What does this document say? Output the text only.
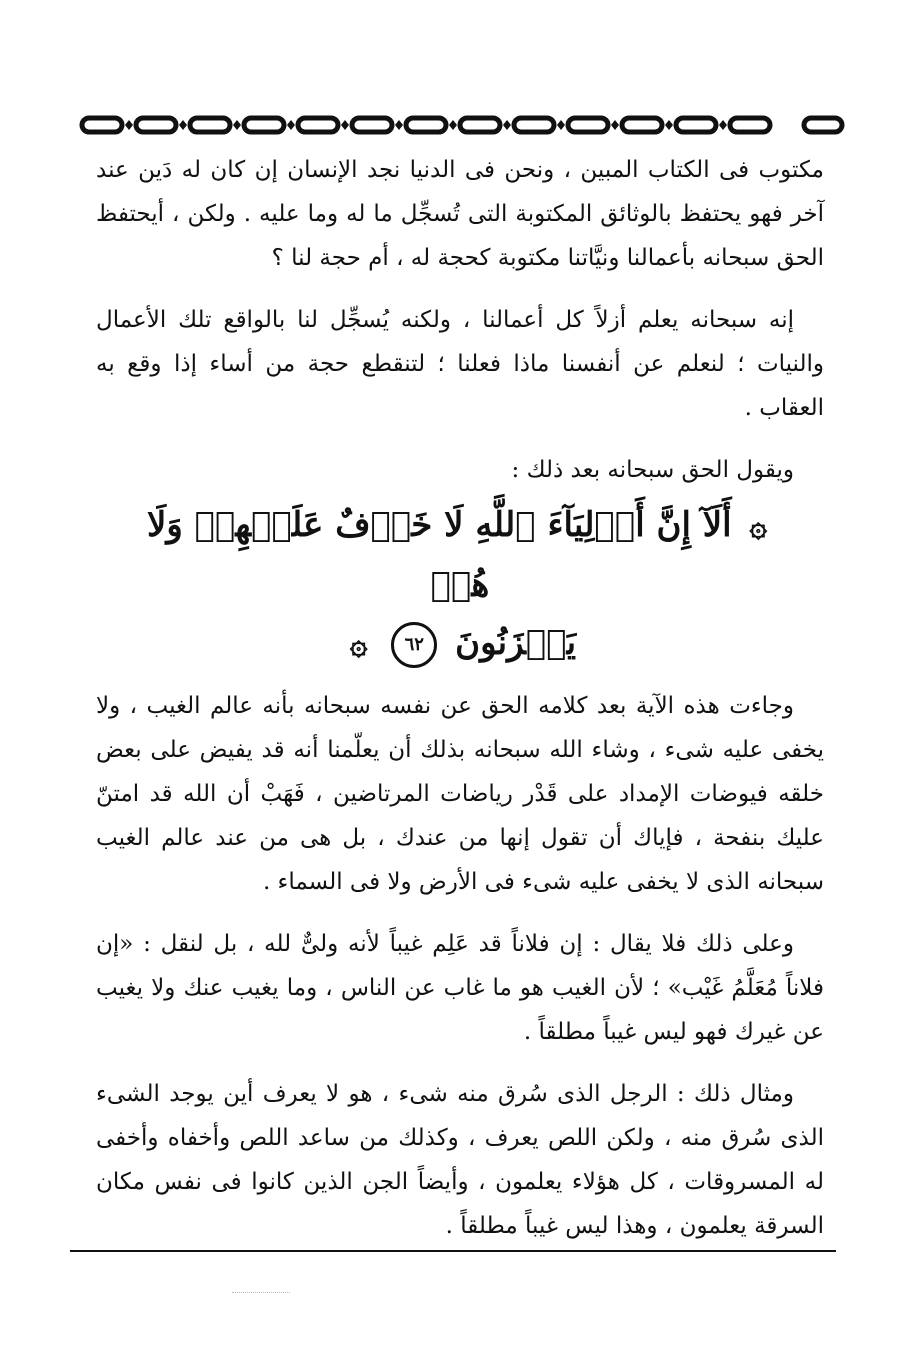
مكتوب فى الكتاب المبين ، ونحن فى الدنيا نجد الإنسان إن كان له دَين عند آخر فهو يحتفظ بالوثائق المكتوبة التى تُسجِّل ما له وما عليه . ولكن ، أيحتفظ الحق سبحانه بأعمالنا ونيَّاتنا مكتوبة كحجة له ، أم حجة لنا ؟

إنه سبحانه يعلم أزلاً كل أعمالنا ، ولكنه يُسجِّل لنا بالواقع تلك الأعمال والنيات ؛ لنعلم عن أنفسنا ماذا فعلنا ؛ لتنقطع حجة من أساء إذا وقع به العقاب .

ويقول الحق سبحانه بعد ذلك :

۞ أَلَآ إِنَّ أَوۡلِيَآءَ ٱللَّهِ لَا خَوۡفٌ عَلَيۡهِمۡ وَلَا هُمۡ
يَحۡزَنُونَ ٦٢ ۞

وجاءت هذه الآية بعد كلامه الحق عن نفسه سبحانه بأنه عالم الغيب ، ولا يخفى عليه شىء ، وشاء الله سبحانه بذلك أن يعلّمنا أنه قد يفيض على بعض خلقه فيوضات الإمداد على قَدْر رياضات المرتاضين ، فَهَبْ أن الله قد امتنّ عليك بنفحة ، فإياك أن تقول إنها من عندك ، بل هى من عند عالم الغيب سبحانه الذى لا يخفى عليه شىء فى الأرض ولا فى السماء .

وعلى ذلك فلا يقال : إن فلاناً قد عَلِم غيباً لأنه ولىٌّ لله ، بل لنقل : «إن فلاناً مُعَلَّمُ غَيْب» ؛ لأن الغيب هو ما غاب عن الناس ، وما يغيب عنك ولا يغيب عن غيرك فهو ليس غيباً مطلقاً .

ومثال ذلك : الرجل الذى سُرق منه شىء ، هو لا يعرف أين يوجد الشىء الذى سُرق منه ، ولكن اللص يعرف ، وكذلك من ساعد اللص وأخفاه وأخفى له المسروقات ، كل هؤلاء يعلمون ، وأيضاً الجن الذين كانوا فى نفس مكان السرقة يعلمون ، وهذا ليس غيباً مطلقاً .
